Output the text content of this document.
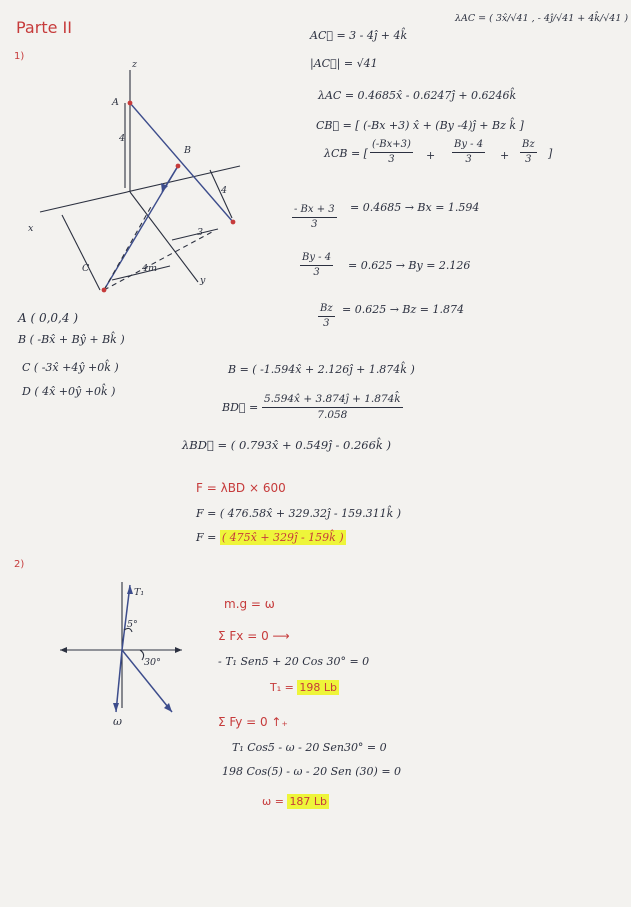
Parte II
1)
z
x
y
A
B
C
4
4
3
4m
A ( 0,0,4 )
B ( -Bx̂ + Bŷ + Bk̂ )
C ( -3x̂ +4ŷ +0k̂ )
D ( 4x̂ +0ŷ +0k̂ )
AC⃗ = 3 - 4ĵ + 4k̂
λAC = ( 3x̂/√41 , - 4ĵ/√41 + 4k̂/√41 )
|AC⃗| = √41
λAC = 0.4685x̂ - 0.6247ĵ + 0.6246k̂
CB⃗ = [ (-Bx +3) x̂ + (By -4)ĵ + Bz k̂ ]
λCB = [ $\frac{(-Bx+3)}{3} + \frac{By - 4}{3} + \frac{Bz}{3}$ ]
$\frac{- Bx + 3}{3} = 0.4685 \to Bx = 1.594$
$\frac{By - 4}{3} = 0.625 \to By = 2.126$
$\frac{Bz}{3} = 0.625 \to Bz = 1.874$
B = ( -1.594x̂ + 2.126ĵ + 1.874k̂ )
BD⃗ = $\frac{5.594x̂ + 3.874ĵ + 1.874k̂}{7.058}$
λBD⃗ = ( 0.793x̂ + 0.549ĵ - 0.266k̂ )
F = λBD × 600
F = ( 476.58x̂ + 329.32ĵ - 159.311k̂ )
F = ( 475x̂ + 329ĵ - 159k̂ )
2)
T₁
5°
30°
ω
m.g = ω
Σ Fx = 0 ⟶
- T₁ Sen5 + 20 Cos 30° = 0
T₁ = 198 Lb
Σ Fy = 0 ↑₊
T₁ Cos5 - ω - 20 Sen30° = 0
198 Cos(5) - ω - 20 Sen (30) = 0
ω = 187 Lb
